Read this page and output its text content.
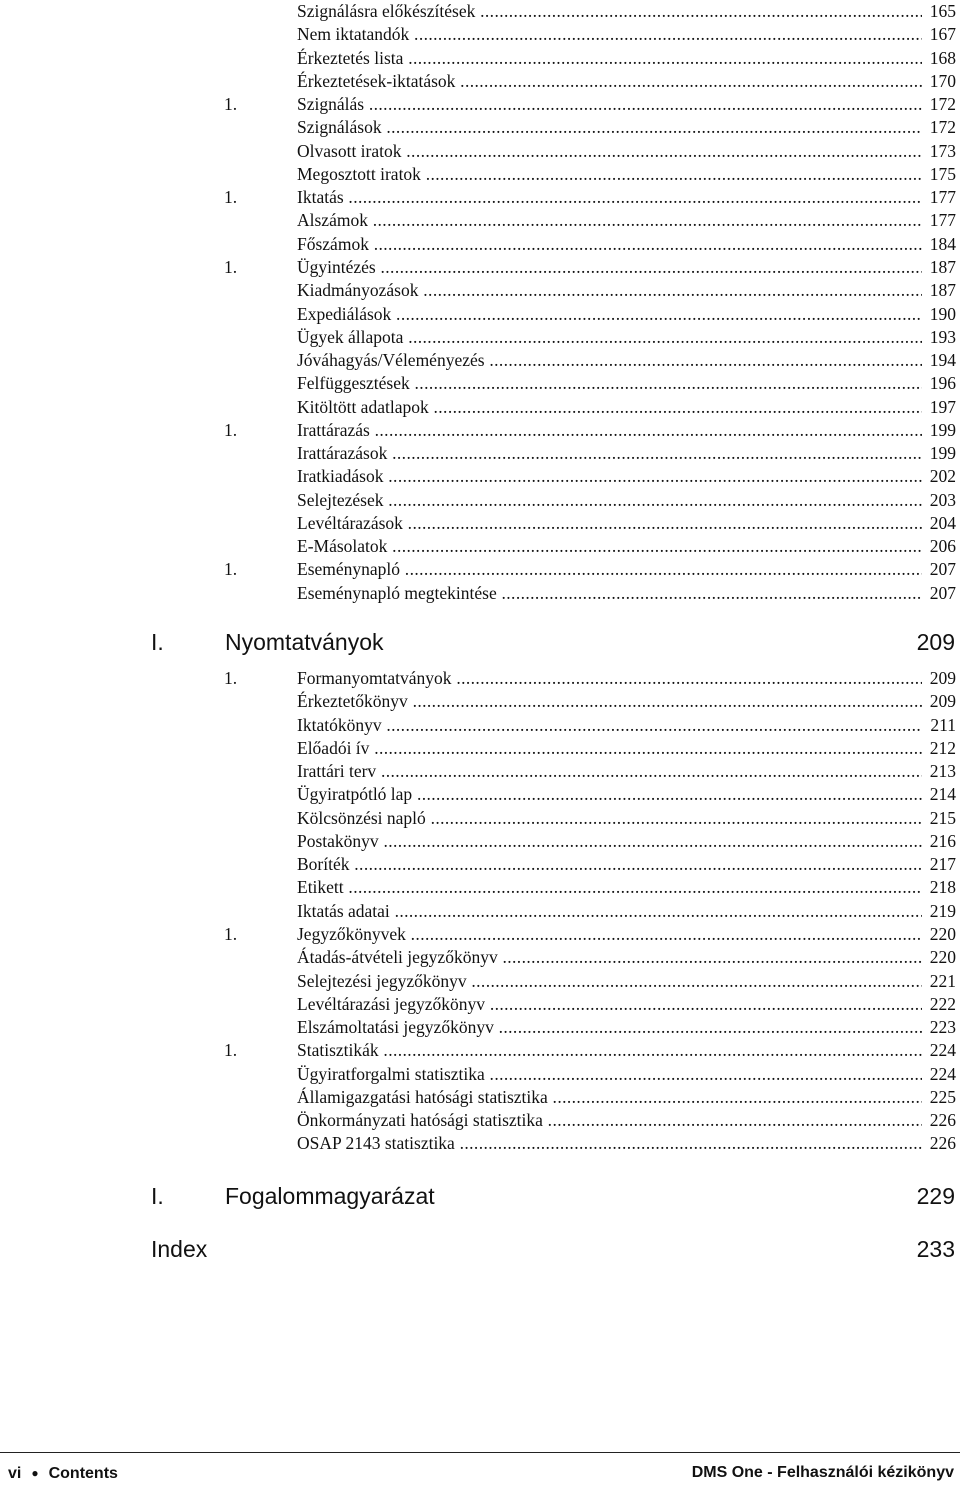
Szignálásra előkészítések .....	165
Nem iktatandók .....	167
Érkeztetés lista .....	168
Érkeztetések-iktatások .....	170
1.	Szignálás .....	172
Szignálások .....	172
Olvasott iratok .....	173
Megosztott iratok .....	175
1.	Iktatás .....	177
Alszámok .....	177
Főszámok .....	184
1.	Ügyintézés .....	187
Kiadmányozások .....	187
Expediálások .....	190
Ügyek állapota .....	193
Jóváhagyás/Véleményezés .....	194
Felfüggesztések .....	196
Kitöltött adatlapok .....	197
1.	Irattárazás .....	199
Irattárazások .....	199
Iratkiadások .....	202
Selejtezések .....	203
Levéltárazások .....	204
E-Másolatok .....	206
1.	Eseménynapló .....	207
Eseménynapló megtekintése .....	207
I.	Nyomtatványok	209
1.	Formanyomtatványok .....	209
Érkeztetőkönyv .....	209
Iktatókönyv .....	211
Előadói ív .....	212
Irattári terv .....	213
Ügyiratpótló lap .....	214
Kölcsönzési napló .....	215
Postakönyv .....	216
Boríték .....	217
Etikett .....	218
Iktatás adatai .....	219
1.	Jegyzőkönyvek .....	220
Átadás-átvételi jegyzőkönyv .....	220
Selejtezési jegyzőkönyv .....	221
Levéltárazási jegyzőkönyv .....	222
Elszámoltatási jegyzőkönyv .....	223
1.	Statisztikák .....	224
Ügyiratforgalmi statisztika .....	224
Államigazgatási hatósági statisztika .....	225
Önkormányzati hatósági statisztika .....	226
OSAP 2143 statisztika .....	226
I.	Fogalommagyarázat	229
Index	233
vi ● Contents	DMS One - Felhasználói kézikönyv
